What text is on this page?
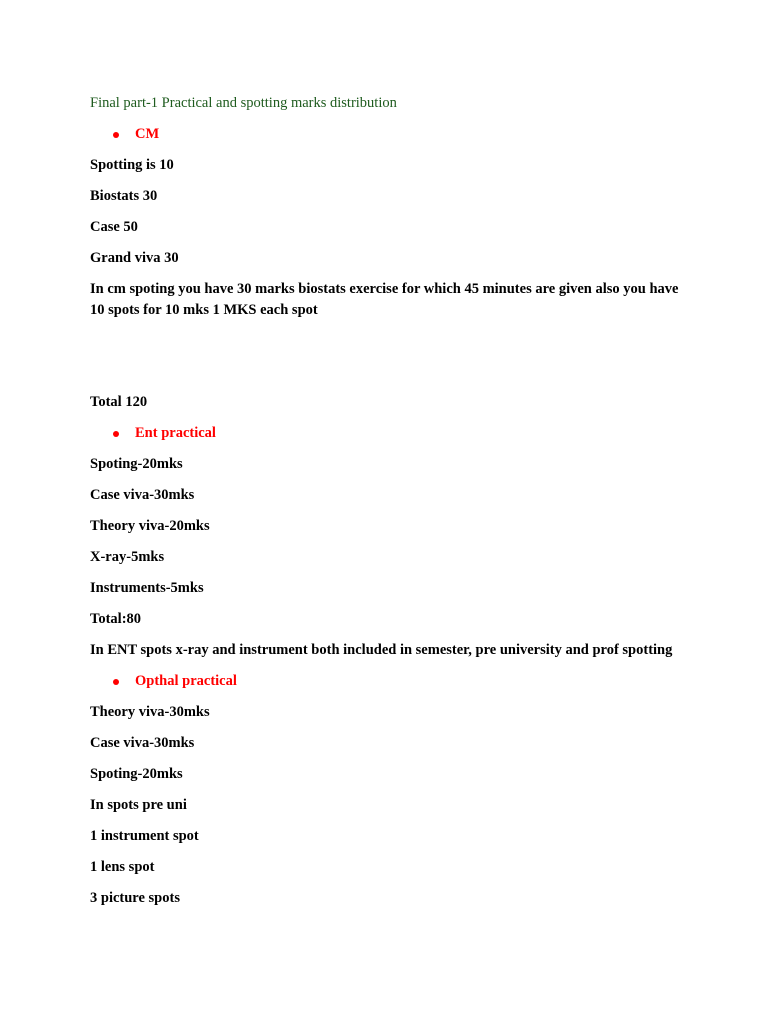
Final part-1 Practical and spotting marks distribution
CM
Spotting is 10
Biostats 30
Case 50
Grand viva 30
In cm spoting you have 30 marks biostats exercise for which 45 minutes are given also you have 10 spots for 10 mks 1 MKS each spot
Total 120
Ent practical
Spoting-20mks
Case viva-30mks
Theory viva-20mks
X-ray-5mks
Instruments-5mks
Total:80
In ENT spots x-ray and instrument both included in semester, pre university and prof spotting
Opthal practical
Theory viva-30mks
Case viva-30mks
Spoting-20mks
In spots pre uni
1 instrument spot
1 lens spot
3 picture spots
